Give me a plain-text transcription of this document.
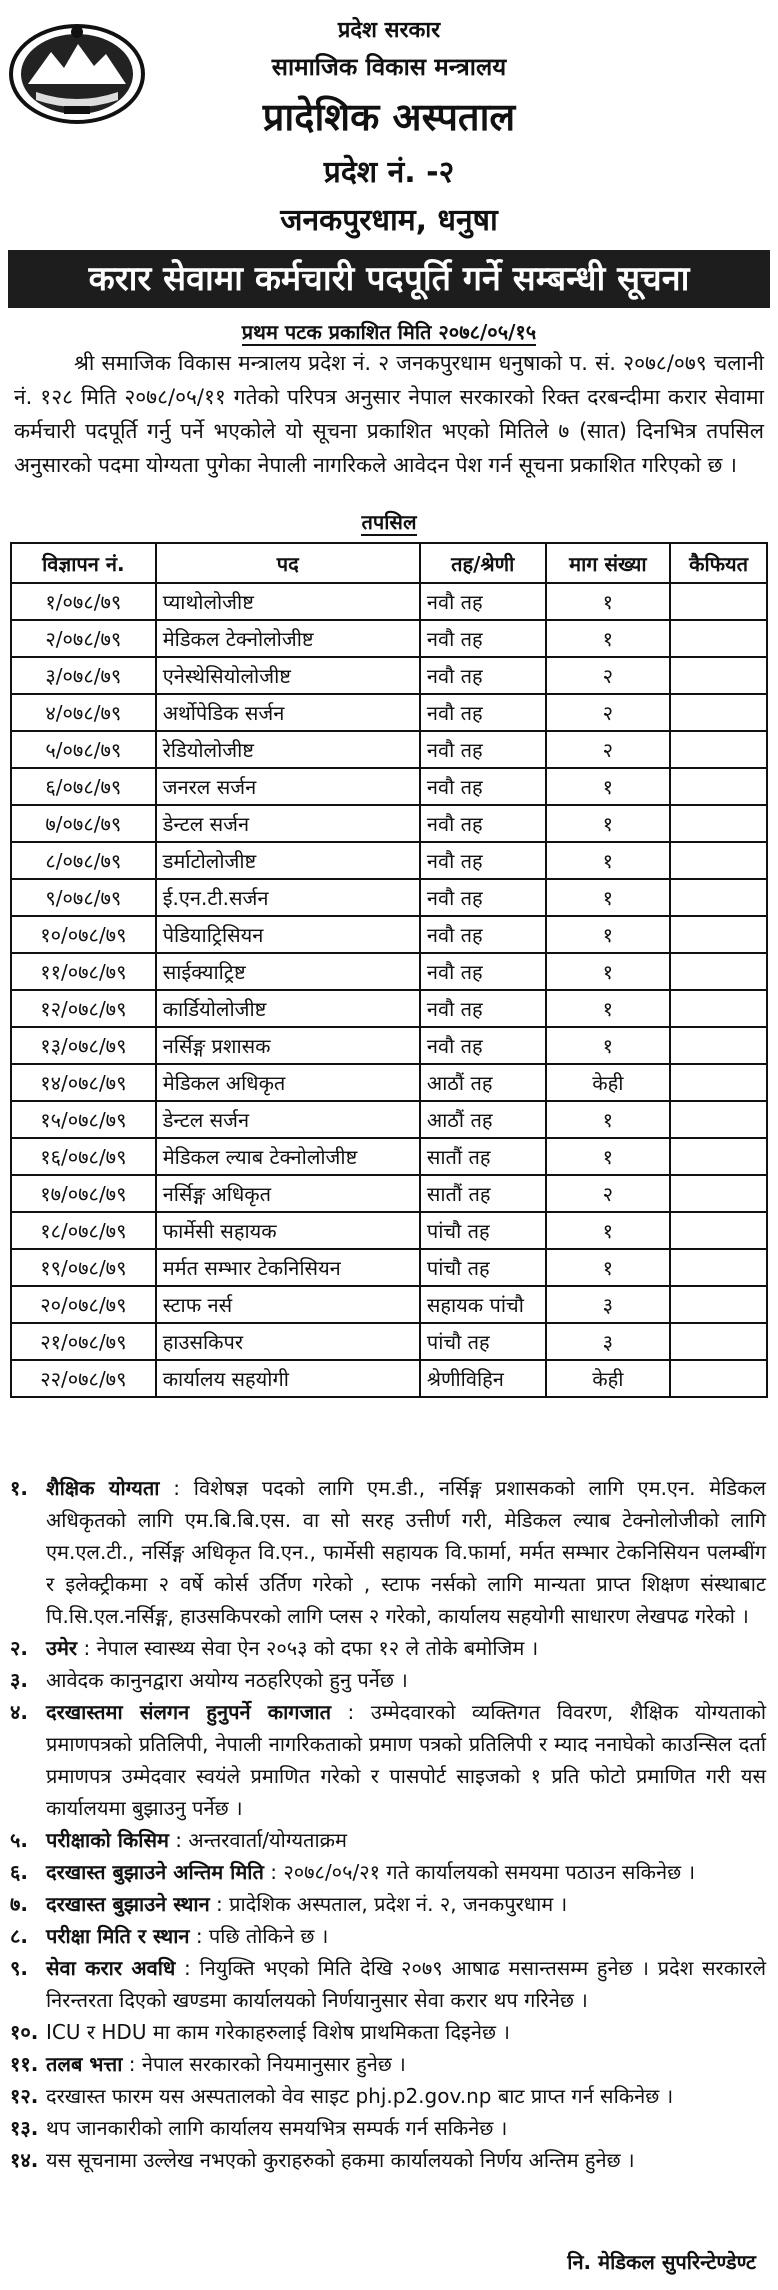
प्रदेश सरकार
सामाजिक विकास मन्त्रालय
प्रादेशिक अस्पताल
प्रदेश नं. -२
जनकपुरधाम, धनुषा
करार सेवामा कर्मचारी पदपूर्ति गर्ने सम्बन्धी सूचना
प्रथम पटक प्रकाशित मिति २०७८/०५/१५
श्री समाजिक विकास मन्त्रालय प्रदेश नं. २ जनकपुरधाम धनुषाको प. सं. २०७८/०७९ चलानी नं. १२८ मिति २०७८/०५/११ गतेको परिपत्र अनुसार नेपाल सरकारको रिक्त दरबन्दीमा करार सेवामा कर्मचारी पदपूर्ति गर्नु पर्ने भएकोले यो सूचना प्रकाशित भएको मितिले ७ (सात) दिनभित्र तपसिल अनुसारको पदमा योग्यता पुगेका नेपाली नागरिकले आवेदन पेश गर्न सूचना प्रकाशित गरिएको छ ।
तपसिल
विज्ञापन नं.	पद	तह/श्रेणी	माग संख्या	कैफियत
१/०७८/७९	प्याथोलोजीष्ट	नवौ तह	१	
२/०७८/७९	मेडिकल टेक्नोलोजीष्ट	नवौ तह	१	
३/०७८/७९	एनेस्थेसियोलोजीष्ट	नवौ तह	२	
४/०७८/७९	अर्थोपेडिक सर्जन	नवौ तह	२	
५/०७८/७९	रेडियोलोजीष्ट	नवौ तह	२	
६/०७८/७९	जनरल सर्जन	नवौ तह	१	
७/०७८/७९	डेन्टल सर्जन	नवौ तह	१	
८/०७८/७९	डर्माटोलोजीष्ट	नवौ तह	१	
९/०७८/७९	ई.एन.टी.सर्जन	नवौ तह	१	
१०/०७८/७९	पेडियाट्रिसियन	नवौ तह	१	
११/०७८/७९	साईक्याट्रिष्ट	नवौ तह	१	
१२/०७८/७९	कार्डियोलोजीष्ट	नवौ तह	१	
१३/०७८/७९	नर्सिङ्ग प्रशासक	नवौ तह	१	
१४/०७८/७९	मेडिकल अधिकृत	आठौं तह	केही	
१५/०७८/७९	डेन्टल सर्जन	आठौं तह	१	
१६/०७८/७९	मेडिकल ल्याब टेक्नोलोजीष्ट	सातौं तह	१	
१७/०७८/७९	नर्सिङ्ग अधिकृत	सातौं तह	२	
१८/०७८/७९	फार्मेसी सहायक	पांचौ तह	१	
१९/०७८/७९	मर्मत सम्भार टेकनिसियन	पांचौ तह	१	
२०/०७८/७९	स्टाफ नर्स	सहायक पांचौ	३	
२१/०७८/७९	हाउसकिपर	पांचौ तह	३	
२२/०७८/७९	कार्यालय सहयोगी	श्रेणीविहिन	केही	
१. शैक्षिक योग्यता : विशेषज्ञ पदको लागि एम.डी., नर्सिङ्ग प्रशासकको लागि एम.एन. मेडिकल अधिकृतको लागि एम.बि.बि.एस. वा सो सरह उत्तीर्ण गरी, मेडिकल ल्याब टेक्नोलोजीको लागि एम.एल.टी., नर्सिङ्ग अधिकृत वि.एन., फार्मेसी सहायक वि.फार्मा, मर्मत सम्भार टेकनिसियन पलम्बींग र इलेक्ट्रीकमा २ वर्षे कोर्स उर्तिण गरेको , स्टाफ नर्सको लागि मान्यता प्राप्त शिक्षण संस्थाबाट पि.सि.एल.नर्सिङ्ग, हाउसकिपरको लागि प्लस २ गरेको, कार्यालय सहयोगी साधारण लेखपढ गरेको ।
२. उमेर : नेपाल स्वास्थ्य सेवा ऐन २०५३ को दफा १२ ले तोके बमोजिम ।
३. आवेदक कानुनद्वारा अयोग्य नठहरिएको हुनु पर्नेछ ।
४. दरखास्तमा संलगन हुनुपर्ने कागजात : उम्मेदवारको व्यक्तिगत विवरण, शैक्षिक योग्यताको प्रमाणपत्रको प्रतिलिपी, नेपाली नागरिकताको प्रमाण पत्रको प्रतिलिपी र म्याद ननाघेको काउन्सिल दर्ता प्रमाणपत्र उम्मेदवार स्वयंले प्रमाणित गरेको र पासपोर्ट साइजको १ प्रति फोटो प्रमाणित गरी यस कार्यालयमा बुझाउनु पर्नेछ ।
५. परीक्षाको किसिम : अन्तरवार्ता/योग्यताक्रम
६. दरखास्त बुझाउने अन्तिम मिति : २०७८/०५/२१ गते कार्यालयको समयमा पठाउन सकिनेछ ।
७. दरखास्त बुझाउने स्थान : प्रादेशिक अस्पताल, प्रदेश नं. २, जनकपुरधाम ।
८. परीक्षा मिति र स्थान : पछि तोकिने छ ।
९. सेवा करार अवधि : नियुक्ति भएको मिति देखि २०७९ आषाढ मसान्तसम्म हुनेछ । प्रदेश सरकारले निरन्तरता दिएको खण्डमा कार्यालयको निर्णयानुसार सेवा करार थप गरिनेछ ।
१०. ICU र HDU मा काम गरेकाहरुलाई विशेष प्राथमिकता दिइनेछ ।
११. तलब भत्ता : नेपाल सरकारको नियमानुसार हुनेछ ।
१२. दरखास्त फारम यस अस्पतालको वेव साइट phj.p2.gov.np बाट प्राप्त गर्न सकिनेछ ।
१३. थप जानकारीको लागि कार्यालय समयभित्र सम्पर्क गर्न सकिनेछ ।
१४. यस सूचनामा उल्लेख नभएको कुराहरुको हकमा कार्यालयको निर्णय अन्तिम हुनेछ ।
नि. मेडिकल सुपरिन्टेण्डेण्ट
